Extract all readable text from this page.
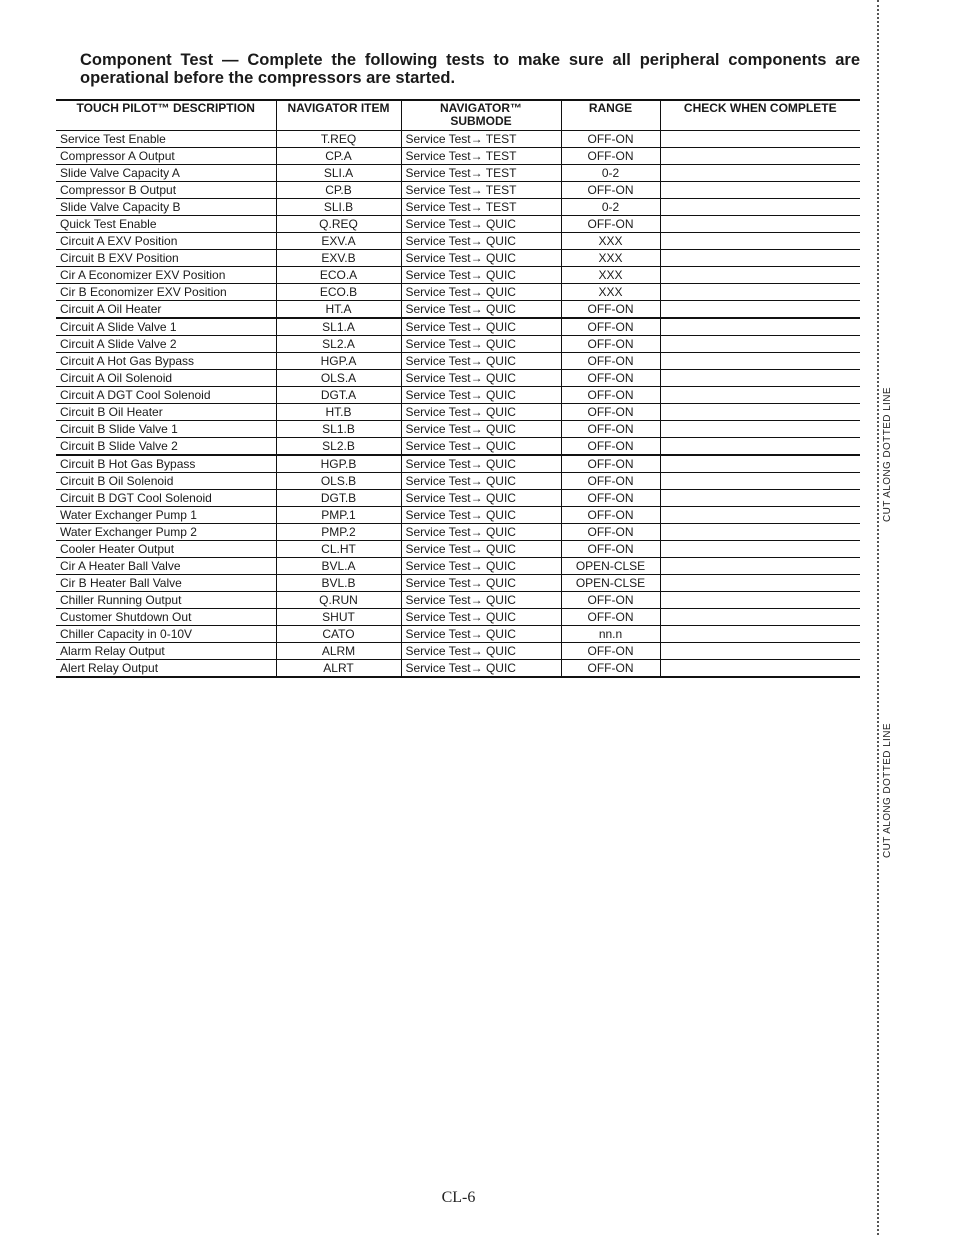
Component Test — Complete the following tests to make sure all peripheral components are operational before the compressors are started.

TOUCH PILOT™ DESCRIPTION	NAVIGATOR ITEM	NAVIGATOR™
SUBMODE	RANGE	CHECK WHEN COMPLETE
Service Test Enable	T.REQ	Service Test→ TEST	OFF-ON	
Compressor A Output	CP.A	Service Test→ TEST	OFF-ON	
Slide Valve Capacity A	SLI.A	Service Test→ TEST	0-2	
Compressor B Output	CP.B	Service Test→ TEST	OFF-ON	
Slide Valve Capacity B	SLI.B	Service Test→ TEST	0-2	
Quick Test Enable	Q.REQ	Service Test→ QUIC	OFF-ON	
Circuit A EXV Position	EXV.A	Service Test→ QUIC	XXX	
Circuit B EXV Position	EXV.B	Service Test→ QUIC	XXX	
Cir A Economizer EXV Position	ECO.A	Service Test→ QUIC	XXX	
Cir B Economizer EXV Position	ECO.B	Service Test→ QUIC	XXX	
Circuit A Oil Heater	HT.A	Service Test→ QUIC	OFF-ON	
Circuit A Slide Valve 1	SL1.A	Service Test→ QUIC	OFF-ON	
Circuit A Slide Valve 2	SL2.A	Service Test→ QUIC	OFF-ON	
Circuit A Hot Gas Bypass	HGP.A	Service Test→ QUIC	OFF-ON	
Circuit A Oil Solenoid	OLS.A	Service Test→ QUIC	OFF-ON	
Circuit A DGT Cool Solenoid	DGT.A	Service Test→ QUIC	OFF-ON	
Circuit B Oil Heater	HT.B	Service Test→ QUIC	OFF-ON	
Circuit B Slide Valve 1	SL1.B	Service Test→ QUIC	OFF-ON	
Circuit B Slide Valve 2	SL2.B	Service Test→ QUIC	OFF-ON	
Circuit B Hot Gas Bypass	HGP.B	Service Test→ QUIC	OFF-ON	
Circuit B Oil Solenoid	OLS.B	Service Test→ QUIC	OFF-ON	
Circuit B DGT Cool Solenoid	DGT.B	Service Test→ QUIC	OFF-ON	
Water Exchanger Pump 1	PMP.1	Service Test→ QUIC	OFF-ON	
Water Exchanger Pump 2	PMP.2	Service Test→ QUIC	OFF-ON	
Cooler Heater Output	CL.HT	Service Test→ QUIC	OFF-ON	
Cir A Heater Ball Valve	BVL.A	Service Test→ QUIC	OPEN-CLSE	
Cir B Heater Ball Valve	BVL.B	Service Test→ QUIC	OPEN-CLSE	
Chiller Running Output	Q.RUN	Service Test→ QUIC	OFF-ON	
Customer Shutdown Out	SHUT	Service Test→ QUIC	OFF-ON	
Chiller Capacity in 0-10V	CATO	Service Test→ QUIC	nn.n	
Alarm Relay Output	ALRM	Service Test→ QUIC	OFF-ON	
Alert Relay Output	ALRT	Service Test→ QUIC	OFF-ON	
CUT ALONG DOTTED LINE
CUT ALONG DOTTED LINE
CL-6
